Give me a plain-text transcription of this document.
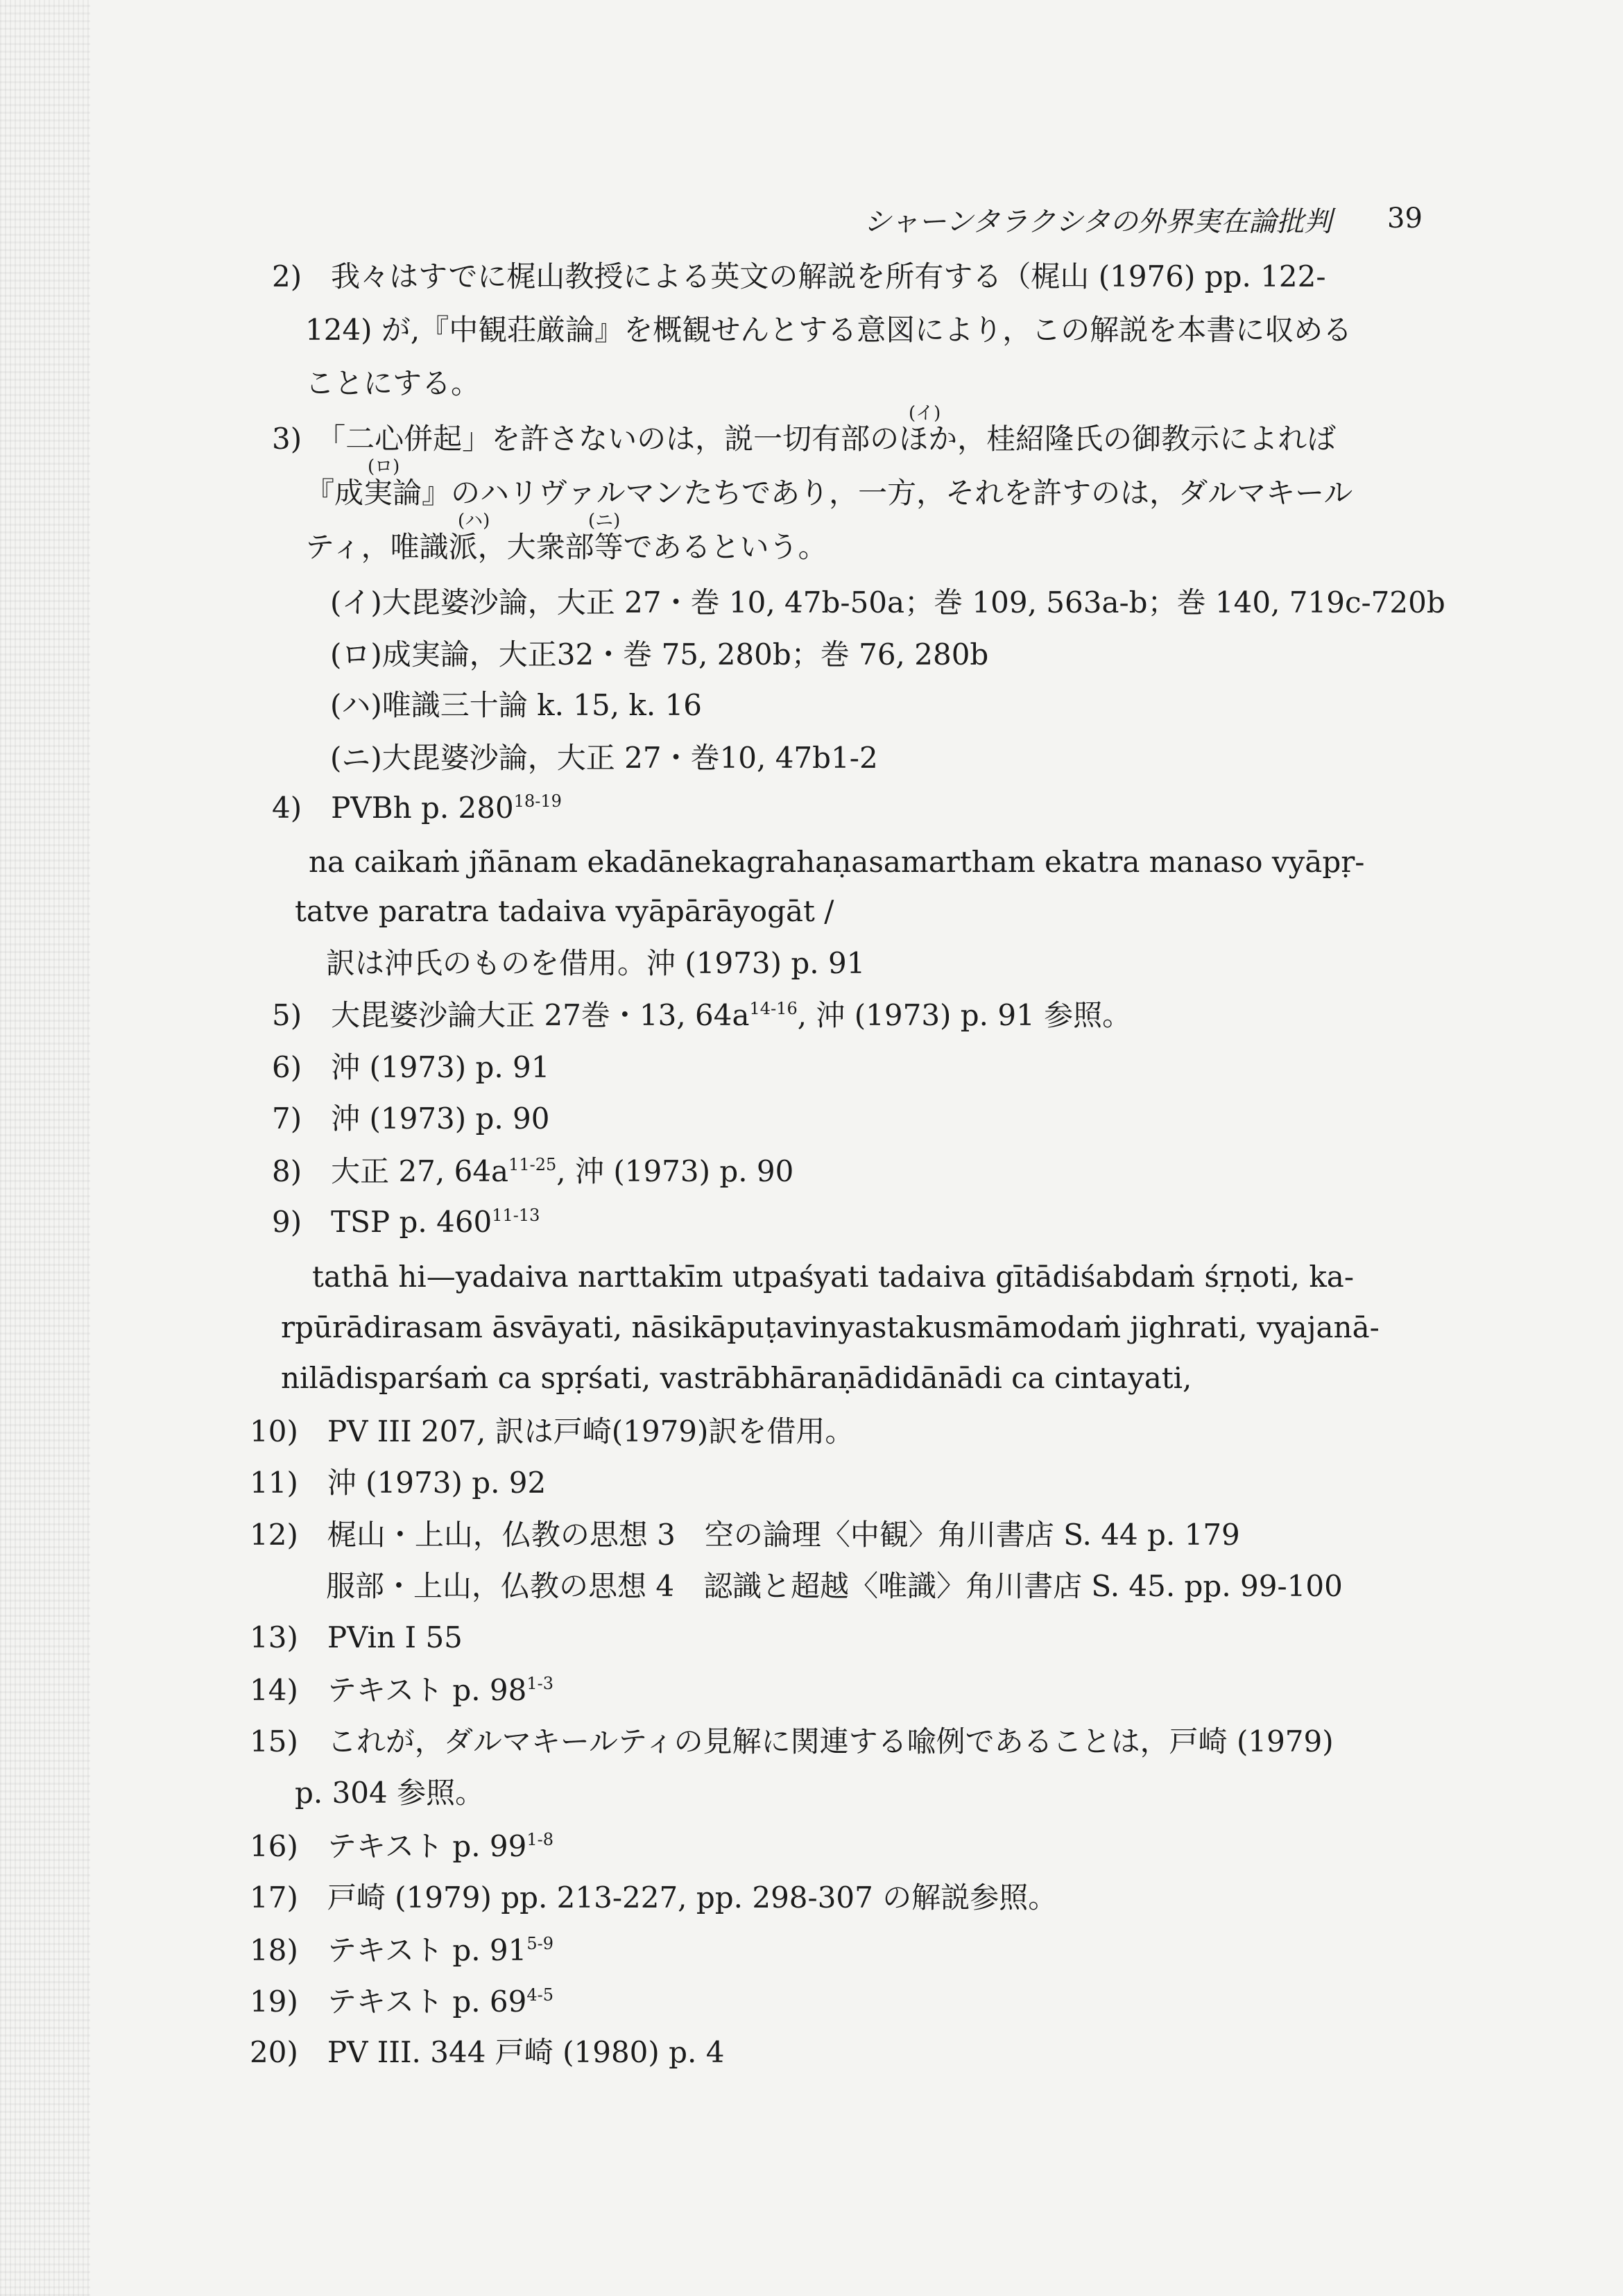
シャーンタラクシタの外界実在論批判 39
2)　我々はすでに梶山教授による英文の解説を所有する（梶山 (1976) pp. 122-
124) が,『中観荘厳論』を概観せんとする意図により，この解説を本書に収める
ことにする。
(イ)
3)　「二心併起」を許さないのは，説一切有部のほか，桂紹隆氏の御教示によれば
(ロ)
『成実論』のハリヴァルマンたちであり，一方，それを許すのは，ダルマキール
(ハ)	(ニ)
ティ，唯識派，大衆部等であるという。
(イ)大毘婆沙論，大正 27・巻 10, 47b-50a；巻 109, 563a-b；巻 140, 719c-720b
(ロ)成実論，大正32・巻 75, 280b；巻 76, 280b
(ハ)唯識三十論 k. 15, k. 16
(ニ)大毘婆沙論，大正 27・巻10, 47b1-2
4)　PVBh p. 280$^{18-19}$
na caikaṁ jñānam ekadānekagrahaṇasamartham ekatra manaso vyāpṛ-
tatve paratra tadaiva vyāpārāyogāt /
訳は沖氏のものを借用。沖 (1973) p. 91
5)　大毘婆沙論大正 27巻・13, $64a^{14-16}$, 沖 (1973) p. 91 参照。
6)　沖 (1973) p. 91
7)　沖 (1973) p. 90
8)　大正 27, $64a^{11-25}$, 沖 (1973) p. 90
9)　TSP p. 460$^{11-13}$
tathā hi—yadaiva narttakīm utpaśyati tadaiva gītādiśabdaṁ śṛṇoti, ka-
rpūrādirasam āsvāyati, nāsikāpuṭavinyastakusmāmodaṁ jighrati, vyajanā-
nilādisparśaṁ ca spṛśati, vastrābhāraṇādidānādi ca cintayati,
10)　PV III 207, 訳は戸崎(1979)訳を借用。
11)　沖 (1973) p. 92
12)　梶山・上山，仏教の思想 3　空の論理〈中観〉角川書店 S. 44 p. 179
服部・上山，仏教の思想 4　認識と超越〈唯識〉角川書店 S. 45. pp. 99-100
13)　PVin I 55
14)　テキスト p. 98$^{1-3}$
15)　これが，ダルマキールティの見解に関連する喩例であることは，戸崎 (1979)
p. 304 参照。
16)　テキスト p. 99$^{1-8}$
17)　戸崎 (1979) pp. 213-227, pp. 298-307 の解説参照。
18)　テキスト p. 91$^{5-9}$
19)　テキスト p. 69$^{4-5}$
20)　PV III. 344 戸崎 (1980) p. 4
